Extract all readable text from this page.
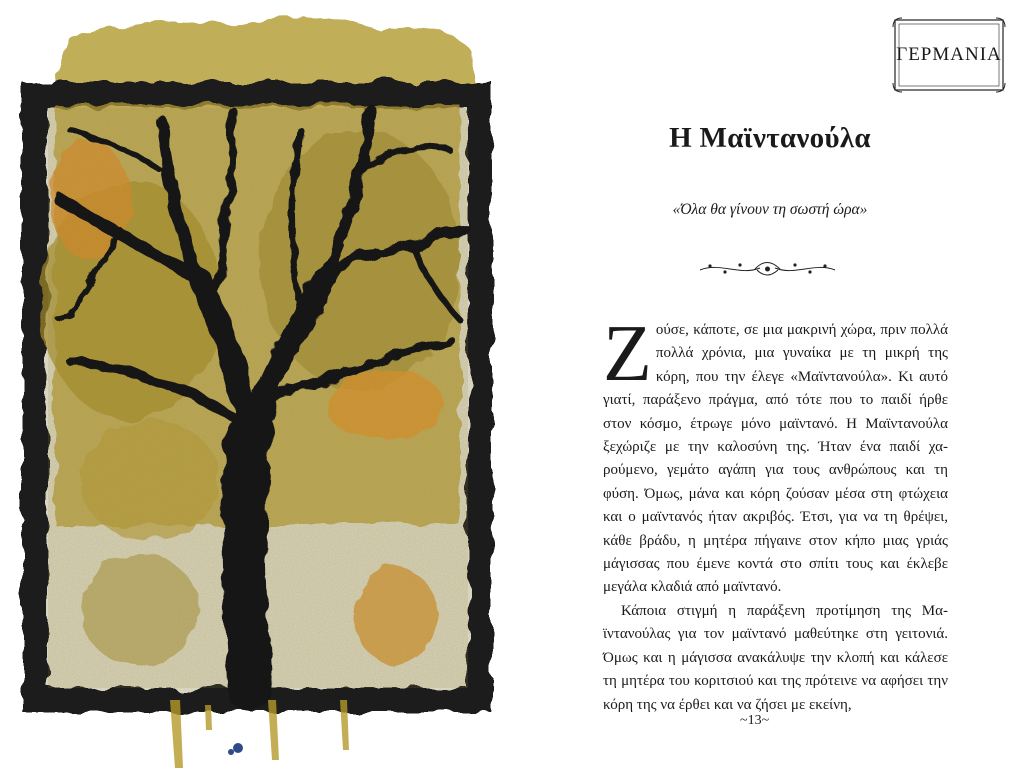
ΓΕΡΜΑΝΙΑ
Η Μαϊντανούλα

«Όλα θα γίνουν τη σωστή ώρα»

Ζούσε, κάποτε, σε μια μακρινή χώρα, πριν πολλά πολλά χρόνια, μια γυναίκα με τη μικρή της κόρη, που την έλεγε «Μαϊντανούλα». Κι αυτό γιατί, παράξενο πράγμα, από τότε που το παιδί ήρθε στον κόσμο, έτρωγε μόνο μαϊντανό. Η Μαϊντανούλα ξεχώριζε με την καλοσύνη της. Ήταν ένα παιδί χαρούμενο, γεμάτο αγάπη για τους ανθρώπους και τη φύση. Όμως, μάνα και κόρη ζούσαν μέσα στη φτώχεια και ο μαϊντανός ήταν ακριβός. Έτσι, για να τη θρέψει, κάθε βράδυ, η μητέρα πήγαινε στον κήπο μιας γριάς μάγισσας που έμενε κοντά στο σπίτι τους και έκλεβε μεγάλα κλαδιά από μαϊντανό.

Κάποια στιγμή η παράξενη προτίμηση της Μαϊντανούλας για τον μαϊντανό μαθεύτηκε στη γειτονιά. Όμως και η μάγισσα ανακάλυψε την κλοπή και κάλεσε τη μητέρα του κοριτσιού και της πρότεινε να αφήσει την κόρη της να έρθει και να ζήσει με εκείνη,

~13~
